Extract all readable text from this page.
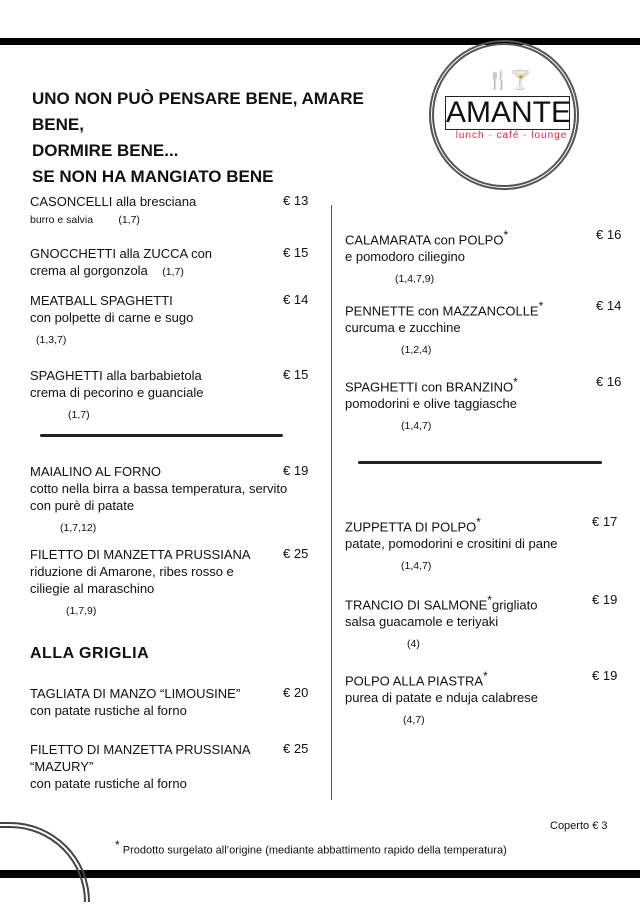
UNO NON PUÒ PENSARE BENE, AMARE BENE,
DORMIRE BENE...
SE NON HA MANGIATO BENE
🍴🍸
AMANTE
lunch · café · lounge
CASONCELLI alla bresciana
burro e salvia (1,7)
€ 13
GNOCCHETTI alla ZUCCA con
crema al gorgonzola (1,7)
€ 15
MEATBALL SPAGHETTI
con polpette di carne e sugo
(1,3,7)
€ 14
SPAGHETTI alla barbabietola
crema di pecorino e guanciale
(1,7)
€ 15
MAIALINO AL FORNO
cotto nella birra a bassa temperatura, servito con purè di patate
(1,7,12)
€ 19
FILETTO DI MANZETTA PRUSSIANA
riduzione di Amarone, ribes rosso e ciliegie al maraschino
(1,7,9)
€ 25
ALLA GRIGLIA
TAGLIATA DI MANZO “LIMOUSINE”
con patate rustiche al forno
€ 20
FILETTO DI MANZETTA PRUSSIANA “MAZURY”
con patate rustiche al forno
€ 25
CALAMARATA con POLPO*
e pomodoro ciliegino
(1,4,7,9)
€ 16
PENNETTE con MAZZANCOLLE*
curcuma e zucchine
(1,2,4)
€ 14
SPAGHETTI con BRANZINO*
pomodorini e olive taggiasche
(1,4,7)
€ 16
ZUPPETTA DI POLPO*
patate, pomodorini e crositini di pane
(1,4,7)
€ 17
TRANCIO DI SALMONE*grigliato
salsa guacamole e teriyaki
(4)
€ 19
POLPO ALLA PIASTRA*
purea di patate e nduja calabrese
(4,7)
€ 19
Coperto € 3
* Prodotto surgelato all’origine (mediante abbattimento rapido della temperatura)
